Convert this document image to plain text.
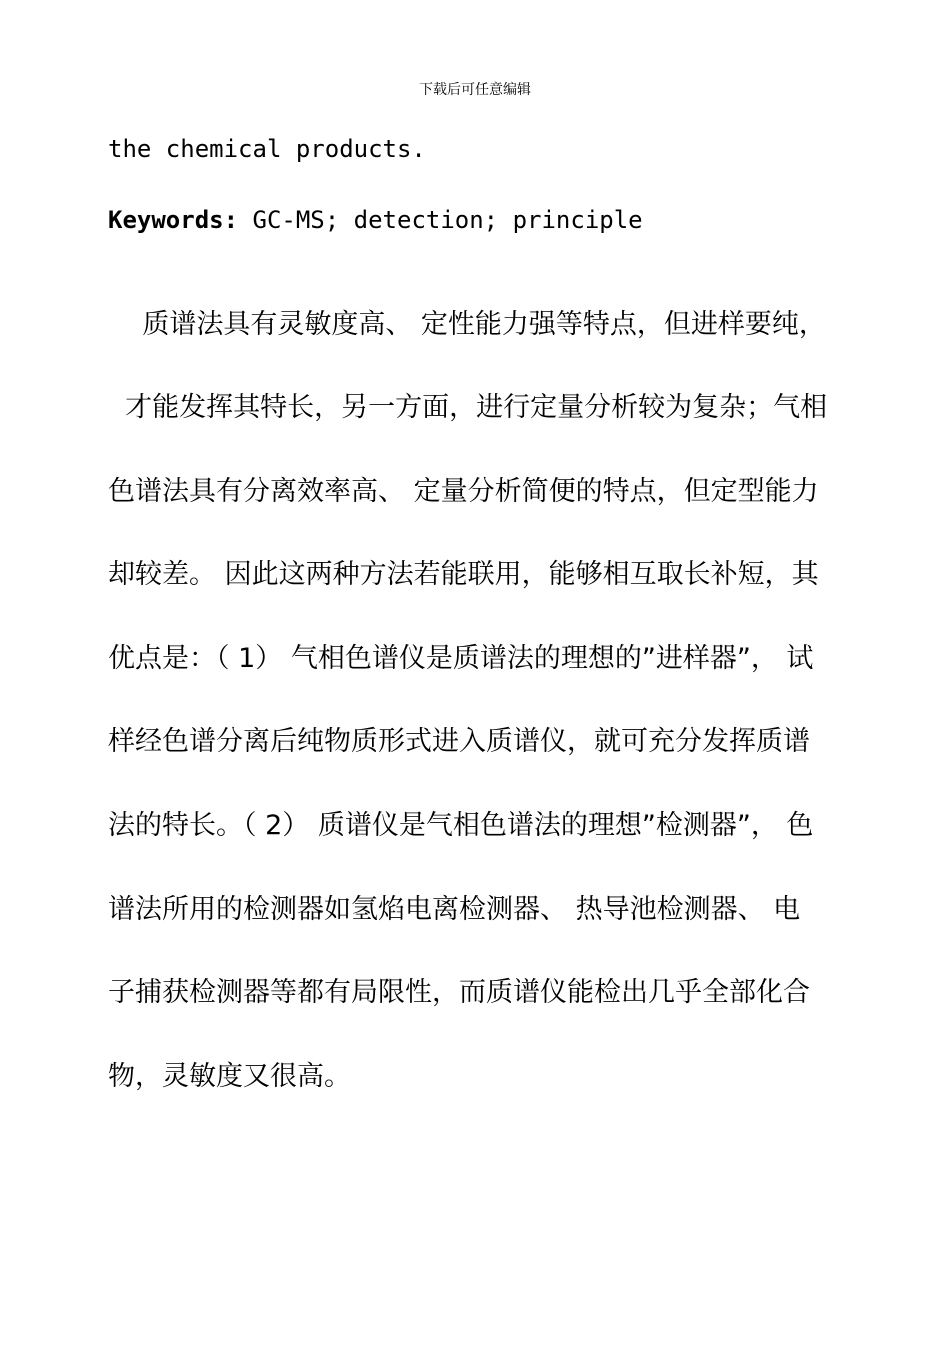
下载后可任意编辑
the chemical products.
Keywords: GC-MS; detection; principle
质谱法具有灵敏度高、 定性能力强等特点，但进样要纯，
才能发挥其特长，另一方面，进行定量分析较为复杂；气相
色谱法具有分离效率高、 定量分析简便的特点，但定型能力
却较差。 因此这两种方法若能联用，能够相互取长补短，其
优点是：（ 1） 气相色谱仪是质谱法的理想的”进样器”， 试
样经色谱分离后纯物质形式进入质谱仪，就可充分发挥质谱
法的特长。（ 2） 质谱仪是气相色谱法的理想”检测器”， 色
谱法所用的检测器如氢焰电离检测器、 热导池检测器、 电
子捕获检测器等都有局限性，而质谱仪能检出几乎全部化合
物，灵敏度又很高。
